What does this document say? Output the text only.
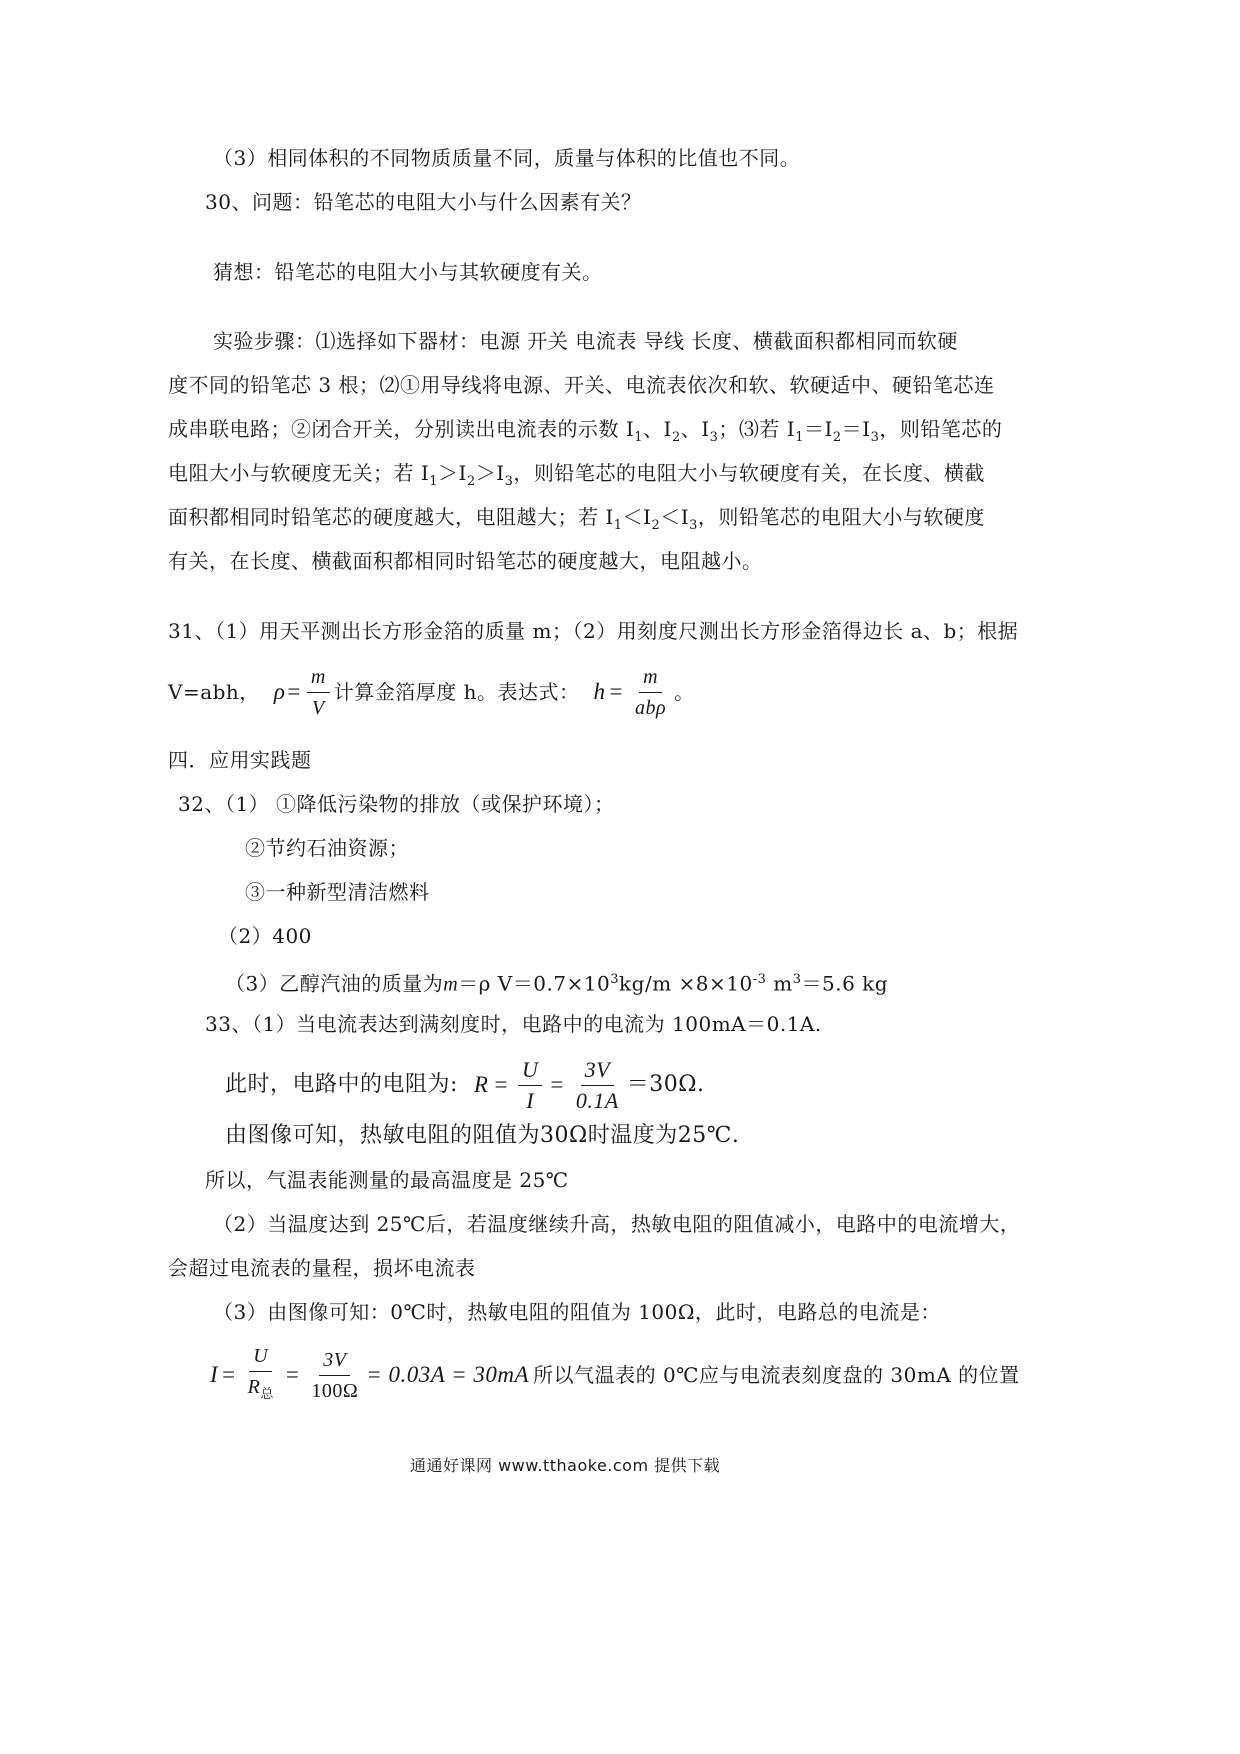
（3）相同体积的不同物质质量不同，质量与体积的比值也不同。
30、问题：铅笔芯的电阻大小与什么因素有关？
猜想：铅笔芯的电阻大小与其软硬度有关。
实验步骤：⑴选择如下器材：电源 开关 电流表 导线 长度、横截面积都相同而软硬
度不同的铅笔芯 3 根；⑵①用导线将电源、开关、电流表依次和软、软硬适中、硬铅笔芯连
成串联电路；②闭合开关，分别读出电流表的示数 $I_1$、$I_2$、$I_3$；⑶若 $I_1=I_2=I_3$，则铅笔芯的
电阻大小与软硬度无关；若 $I_1>I_2>I_3$，则铅笔芯的电阻大小与软硬度有关，在长度、横截
面积都相同时铅笔芯的硬度越大，电阻越大；若 $I_1<I_2<I_3$，则铅笔芯的电阻大小与软硬度
有关，在长度、横截面积都相同时铅笔芯的硬度越大，电阻越小。
31、（1）用天平测出长方形金箔的质量 m；（2）用刻度尺测出长方形金箔得边长 a、b；根据
V=abh， $\rho = \frac{m}{V}$ 计算金箔厚度 h。表达式： $h = \frac{m}{\text{abρ}}$ 。
四．应用实践题
32、（1） ①降低污染物的排放（或保护环境）；
②节约石油资源；
③一种新型清洁燃料
（2）400
（3）乙醇汽油的质量为m＝ρ $V=0.7\times 10^3kg/m \times 8\times 10^{-3}$ $m^3=5.6$ kg
33、（1）当电流表达到满刻度时，电路中的电流为 100mA＝0.1A.
此时，电路中的电阻为: $R = \frac{U}{I} = \frac{3V}{0.1A} =30\Omega$.
由图像可知，热敏电阻的阻值为30Ω时温度为25℃.
所以，气温表能测量的最高温度是 25℃
（2）当温度达到 25℃后，若温度继续升高，热敏电阻的阻值减小，电路中的电流增大，
会超过电流表的量程，损坏电流表
（3）由图像可知：0℃时，热敏电阻的阻值为 100Ω，此时，电路总的电流是：
$I = \frac{U}{R_总} = \frac{3V}{100\Omega} = 0.03A = 30mA$ 所以气温表的 0℃应与电流表刻度盘的 30mA 的位置
通通好课网 www.tthaoke.com 提供下载
